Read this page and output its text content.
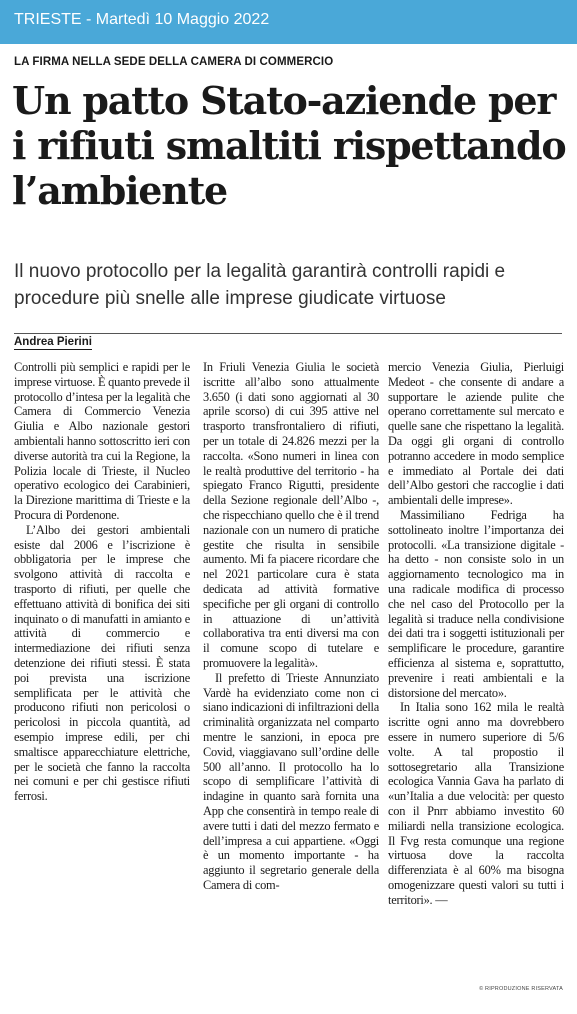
TRIESTE - Martedì 10 Maggio 2022
LA FIRMA NELLA SEDE DELLA CAMERA DI COMMERCIO
Un patto Stato-aziende per i rifiuti smaltiti rispettando l’ambiente

Il nuovo protocollo per la legalità garantirà controlli rapidi e procedure più snelle alle imprese giudicate virtuose

Andrea Pierini

Controlli più semplici e rapidi per le imprese virtuose. È quanto prevede il protocollo d’intesa per la legalità che Camera di Commercio Venezia Giulia e Albo nazionale gestori ambientali hanno sottoscritto ieri con diverse autorità tra cui la Regione, la Polizia locale di Trieste, il Nucleo operativo ecologico dei Carabinieri, la Direzione marittima di Trieste e la Procura di Pordenone.

L’Albo dei gestori ambientali esiste dal 2006 e l’iscrizione è obbligatoria per le imprese che svolgono attività di raccolta e trasporto di rifiuti, per quelle che effettuano attività di bonifica dei siti inquinato o di manufatti in amianto e attività di commercio e intermediazione dei rifiuti senza detenzione dei rifiuti stessi. È stata poi prevista una iscrizione semplificata per le attività che producono rifiuti non pericolosi o pericolosi in piccola quantità, ad esempio imprese edili, per chi smaltisce apparecchiature elettriche, per le società che fanno la raccolta nei comuni e per chi gestisce rifiuti ferrosi.

In Friuli Venezia Giulia le società iscritte all’albo sono attualmente 3.650 (i dati sono aggiornati al 30 aprile scorso) di cui 395 attive nel trasporto transfrontaliero di rifiuti, per un totale di 24.826 mezzi per la raccolta. «Sono numeri in linea con le realtà produttive del territorio - ha spiegato Franco Rigutti, presidente della Sezione regionale dell’Albo -, che rispecchiano quello che è il trend nazionale con un numero di pratiche gestite che risulta in sensibile aumento. Mi fa piacere ricordare che nel 2021 particolare cura è stata dedicata ad attività formative specifiche per gli organi di controllo in attuazione di un’attività collaborativa tra enti diversi ma con il comune scopo di tutelare e promuovere la legalità».

Il prefetto di Trieste Annunziato Vardè ha evidenziato come non ci siano indicazioni di infiltrazioni della criminalità organizzata nel comparto mentre le sanzioni, in epoca pre Covid, viaggiavano sull’ordine delle 500 all’anno. Il protocollo ha lo scopo di semplificare l’attività di indagine in quanto sarà fornita una App che consentirà in tempo reale di avere tutti i dati del mezzo fermato e dell’impresa a cui appartiene. «Oggi è un momento importante - ha aggiunto il segretario generale della Camera di com-

mercio Venezia Giulia, Pierluigi Medeot - che consente di andare a supportare le aziende pulite che operano correttamente sul mercato e quelle sane che rispettano la legalità. Da oggi gli organi di controllo potranno accedere in modo semplice e immediato al Portale dei dati dell’Albo gestori che raccoglie i dati ambientali delle imprese».

Massimiliano Fedriga ha sottolineato inoltre l’importanza dei protocolli. «La transizione digitale - ha detto - non consiste solo in un aggiornamento tecnologico ma in una radicale modifica di processo che nel caso del Protocollo per la legalità si traduce nella condivisione dei dati tra i soggetti istituzionali per semplificare le procedure, garantire efficienza al sistema e, soprattutto, prevenire i reati ambientali e la distorsione del mercato».

In Italia sono 162 mila le realtà iscritte ogni anno ma dovrebbero essere in numero superiore di 5/6 volte. A tal propostio il sottosegretario alla Transizione ecologica Vannia Gava ha parlato di «un’Italia a due velocità: per questo con il Pnrr abbiamo investito 60 miliardi nella transizione ecologica. Il Fvg resta comunque una regione virtuosa dove la raccolta differenziata è al 60% ma bisogna omogenizzare questi valori su tutti i territori». —

© RIPRODUZIONE RISERVATA
